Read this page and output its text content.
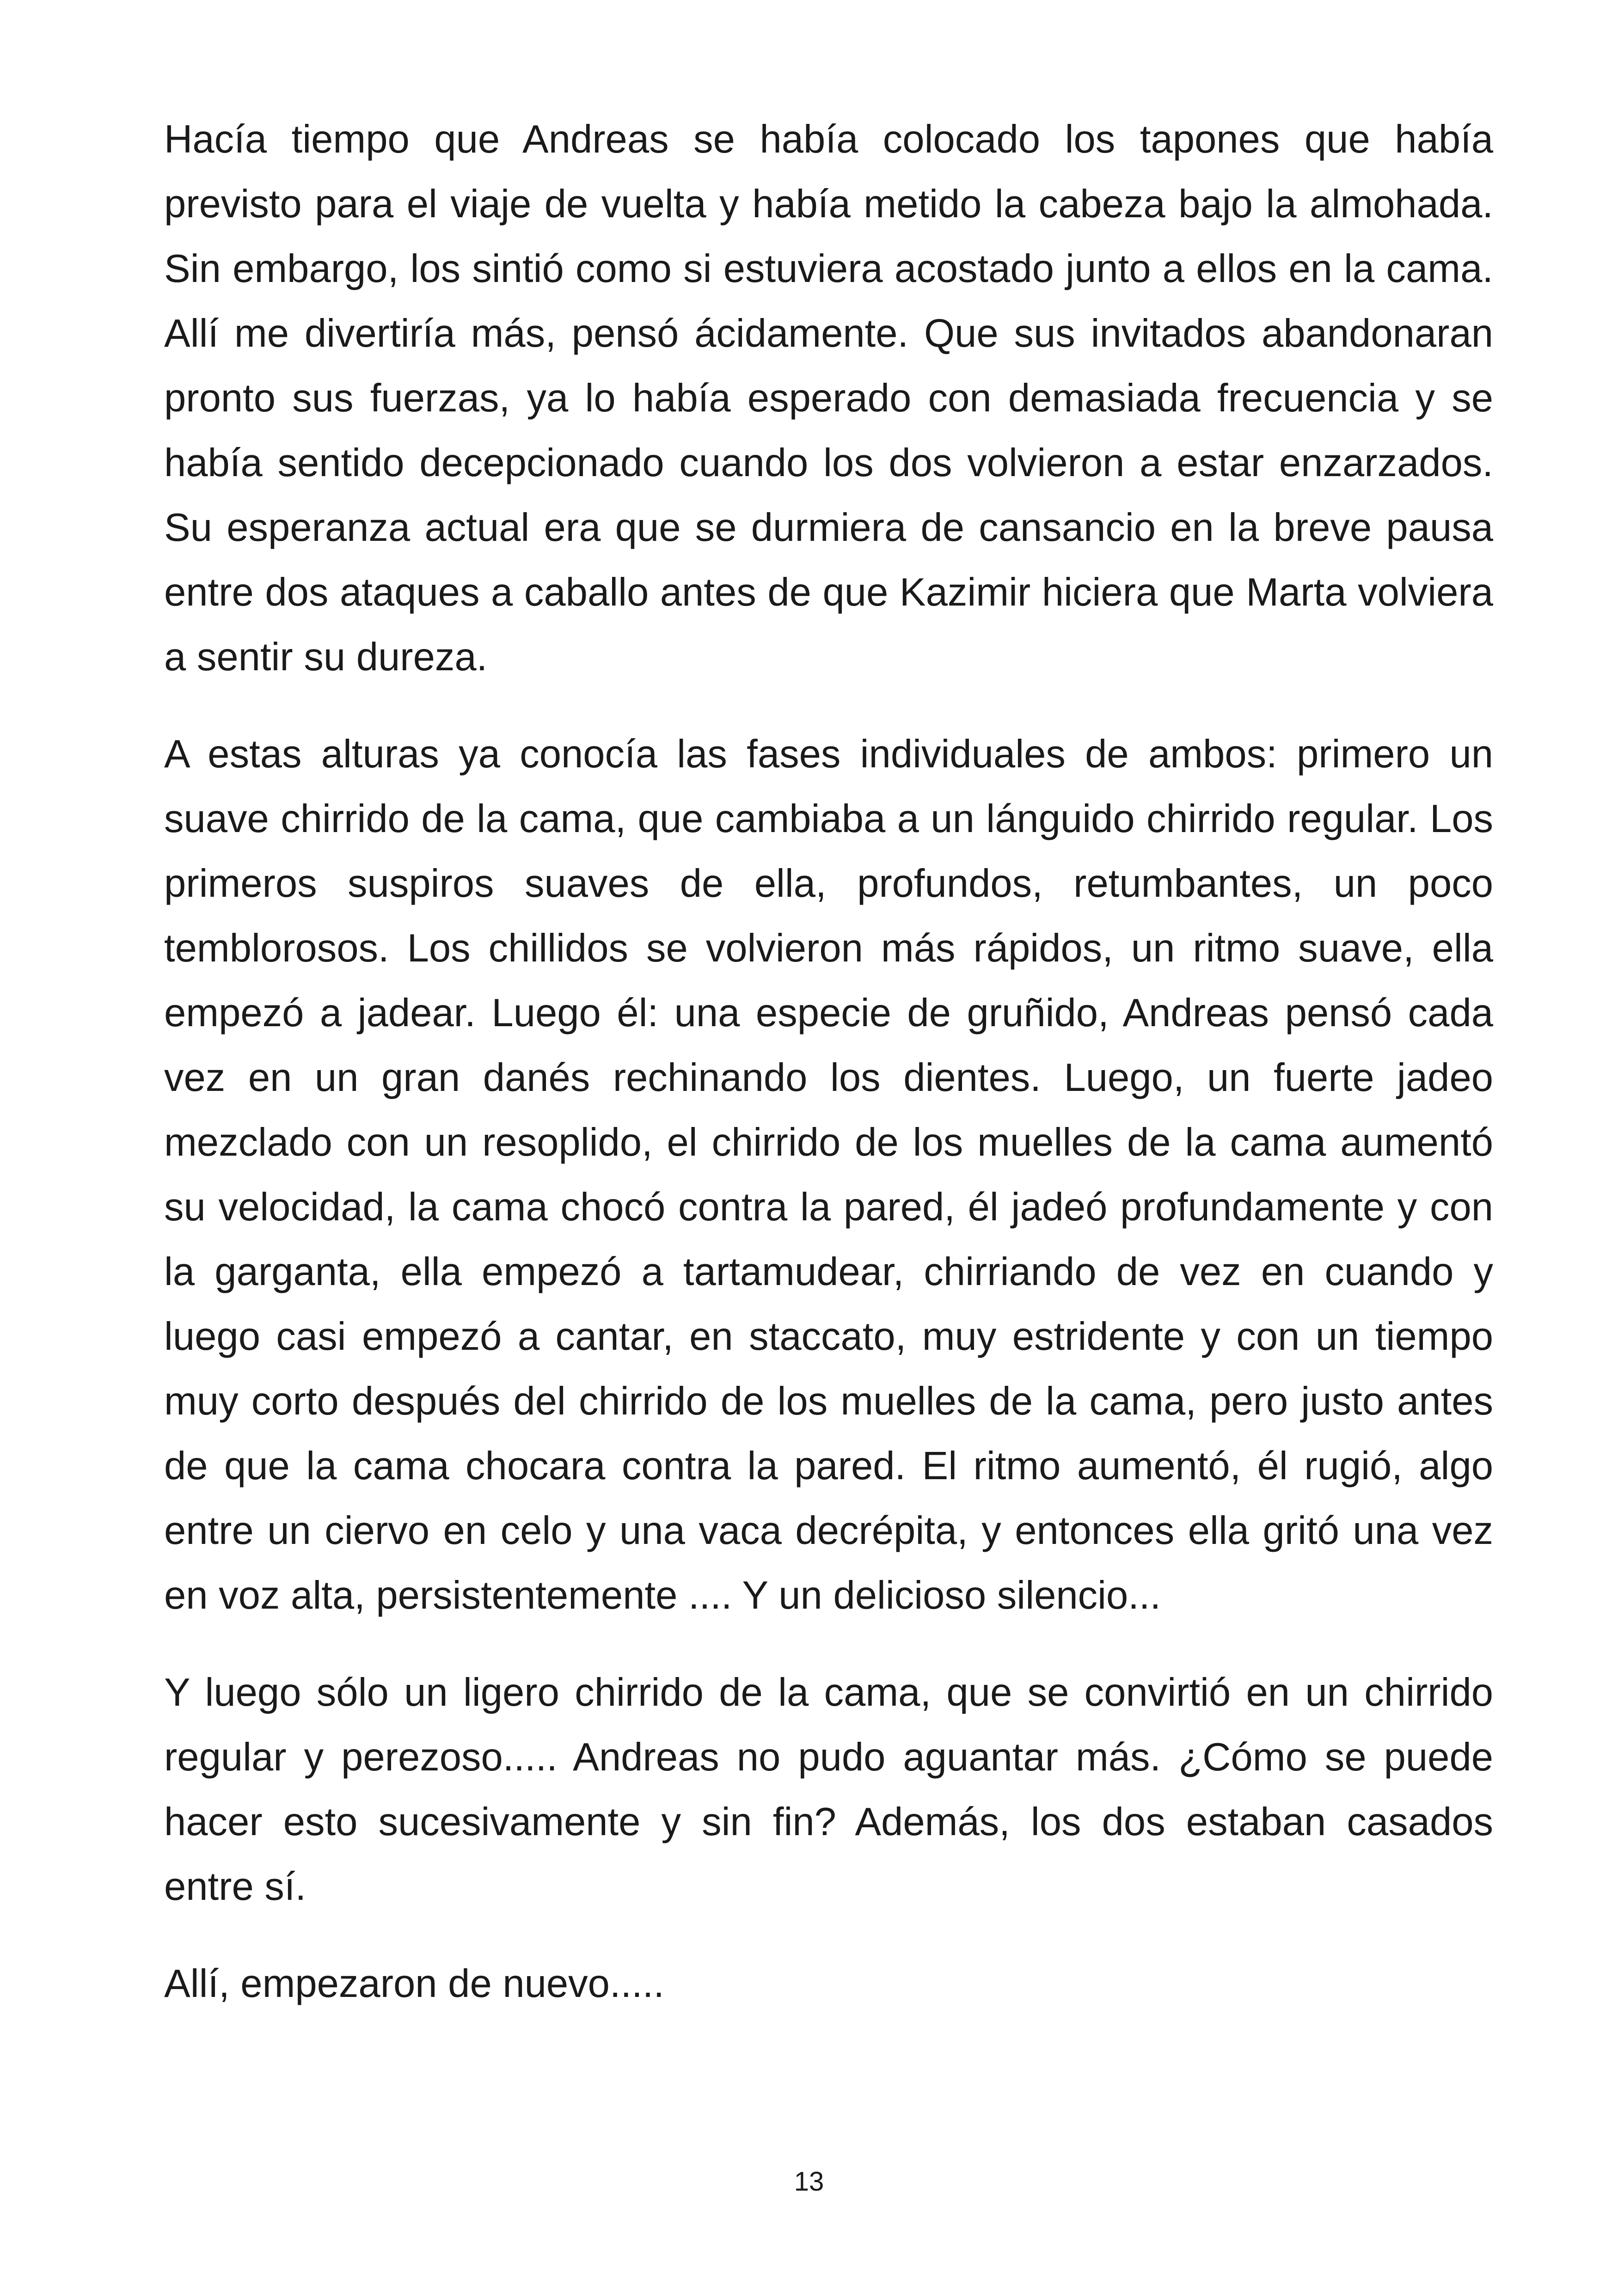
Hacía tiempo que Andreas se había colocado los tapones que había previsto para el viaje de vuelta y había metido la cabeza bajo la almohada. Sin embargo, los sintió como si estuviera acostado junto a ellos en la cama. Allí me divertiría más, pensó ácidamente. Que sus invitados abandonaran pronto sus fuerzas, ya lo había esperado con demasiada frecuencia y se había sentido decepcionado cuando los dos volvieron a estar enzarzados. Su esperanza actual era que se durmiera de cansancio en la breve pausa entre dos ataques a caballo antes de que Kazimir hiciera que Marta volviera a sentir su dureza.

A estas alturas ya conocía las fases individuales de ambos: primero un suave chirrido de la cama, que cambiaba a un lánguido chirrido regular. Los primeros suspiros suaves de ella, profundos, retumbantes, un poco temblorosos. Los chillidos se volvieron más rápidos, un ritmo suave, ella empezó a jadear. Luego él: una especie de gruñido, Andreas pensó cada vez en un gran danés rechinando los dientes. Luego, un fuerte jadeo mezclado con un resoplido, el chirrido de los muelles de la cama aumentó su velocidad, la cama chocó contra la pared, él jadeó profundamente y con la garganta, ella empezó a tartamudear, chirriando de vez en cuando y luego casi empezó a cantar, en staccato, muy estridente y con un tiempo muy corto después del chirrido de los muelles de la cama, pero justo antes de que la cama chocara contra la pared. El ritmo aumentó, él rugió, algo entre un ciervo en celo y una vaca decrépita, y entonces ella gritó una vez en voz alta, persistentemente .... Y un delicioso silencio...

Y luego sólo un ligero chirrido de la cama, que se convirtió en un chirrido regular y perezoso..... Andreas no pudo aguantar más. ¿Cómo se puede hacer esto sucesivamente y sin fin? Además, los dos estaban casados entre sí.

Allí, empezaron de nuevo.....

13
